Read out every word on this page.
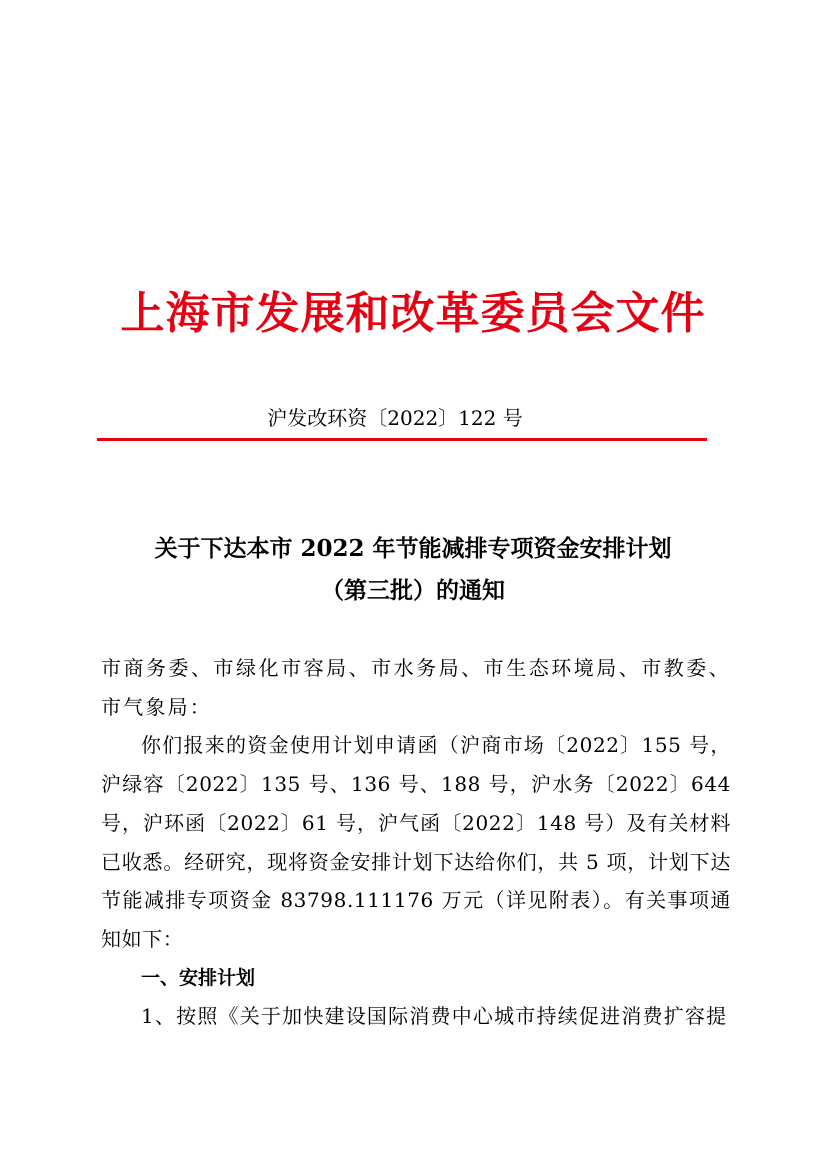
上海市发展和改革委员会文件
沪发改环资〔2022〕122 号
关于下达本市 2022 年节能减排专项资金安排计划
（第三批）的通知

市商务委、市绿化市容局、市水务局、市生态环境局、市教委、市气象局：

你们报来的资金使用计划申请函（沪商市场〔2022〕155 号，沪绿容〔2022〕135 号、136 号、188 号，沪水务〔2022〕644 号，沪环函〔2022〕61 号，沪气函〔2022〕148 号）及有关材料已收悉。经研究，现将资金安排计划下达给你们，共 5 项，计划下达节能减排专项资金 83798.111176 万元（详见附表）。有关事项通知如下：

一、安排计划

1、按照《关于加快建设国际消费中心城市持续促进消费扩容提
